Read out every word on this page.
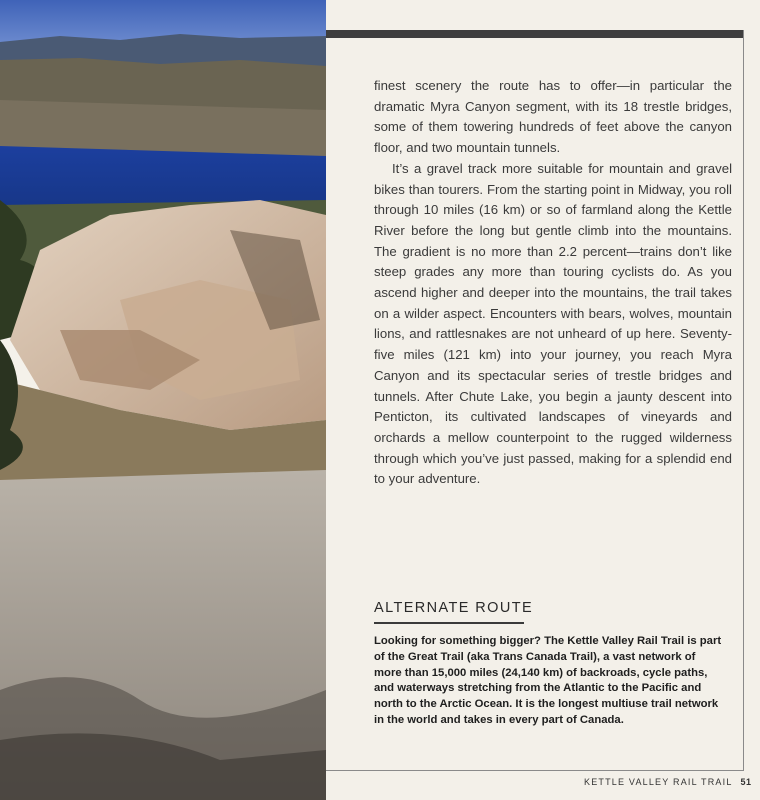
finest scenery the route has to offer—in particular the dramatic Myra Canyon segment, with its 18 trestle bridges, some of them towering hundreds of feet above the canyon floor, and two mountain tunnels.

It’s a gravel track more suitable for mountain and gravel bikes than tourers. From the starting point in Midway, you roll through 10 miles (16 km) or so of farmland along the Kettle River before the long but gentle climb into the mountains. The gradient is no more than 2.2 percent—trains don’t like steep grades any more than touring cyclists do. As you ascend higher and deeper into the mountains, the trail takes on a wilder aspect. Encounters with bears, wolves, mountain lions, and rattlesnakes are not unheard of up here. Seventy-five miles (121 km) into your journey, you reach Myra Canyon and its spectacular series of trestle bridges and tunnels. After Chute Lake, you begin a jaunty descent into Penticton, its cultivated landscapes of vineyards and orchards a mellow counterpoint to the rugged wilderness through which you’ve just passed, making for a splendid end to your adventure.

ALTERNATE ROUTE

Looking for something bigger? The Kettle Valley Rail Trail is part of the Great Trail (aka Trans Canada Trail), a vast network of more than 15,000 miles (24,140 km) of backroads, cycle paths, and waterways stretching from the Atlantic to the Pacific and north to the Arctic Ocean. It is the longest multiuse trail network in the world and takes in every part of Canada.

KETTLE VALLEY RAIL TRAIL 51
